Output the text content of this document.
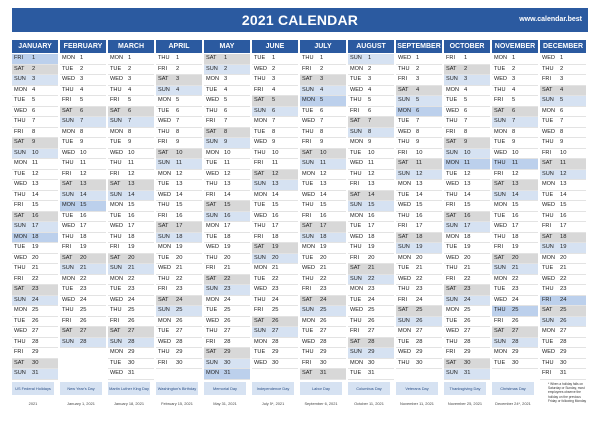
2021 CALENDAR	www.calendar.best
JANUARY
FRI 1
SAT 2
SUN 3
MON 4
TUE 5
WED 6
THU 7
FRI 8
SAT 9
SUN 10
MON 11
TUE 12
WED 13
THU 14
FRI 15
SAT 16
SUN 17
MON 18
TUE 19
WED 20
THU 21
FRI 22
SAT 23
SUN 24
MON 25
TUE 26
WED 27
THU 28
FRI 29
SAT 30
SUN 31
FEBRUARY
MON 1
TUE 2
WED 3
THU 4
FRI 5
SAT 6
SUN 7
MON 8
TUE 9
WED 10
THU 11
FRI 12
SAT 13
SUN 14
MON 15
TUE 16
WED 17
THU 18
FRI 19
SAT 20
SUN 21
MON 22
TUE 23
WED 24
THU 25
FRI 26
SAT 27
SUN 28
MARCH
MON 1
TUE 2
WED 3
THU 4
FRI 5
SAT 6
SUN 7
MON 8
TUE 9
WED 10
THU 11
FRI 12
SAT 13
SUN 14
MON 15
TUE 16
WED 17
THU 18
FRI 19
SAT 20
SUN 21
MON 22
TUE 23
WED 24
THU 25
FRI 26
SAT 27
SUN 28
MON 29
TUE 30
WED 31
APRIL
THU 1
FRI 2
SAT 3
SUN 4
MON 5
TUE 6
WED 7
THU 8
FRI 9
SAT 10
SUN 11
MON 12
TUE 13
WED 14
THU 15
FRI 16
SAT 17
SUN 18
MON 19
TUE 20
WED 21
THU 22
FRI 23
SAT 24
SUN 25
MON 26
TUE 27
WED 28
THU 29
FRI 30
MAY
SAT 1
SUN 2
MON 3
TUE 4
WED 5
THU 6
FRI 7
SAT 8
SUN 9
MON 10
TUE 11
WED 12
THU 13
FRI 14
SAT 15
SUN 16
MON 17
TUE 18
WED 19
THU 20
FRI 21
SAT 22
SUN 23
MON 24
TUE 25
WED 26
THU 27
FRI 28
SAT 29
SUN 30
MON 31
JUNE
TUE 1
WED 2
THU 3
FRI 4
SAT 5
SUN 6
MON 7
TUE 8
WED 9
THU 10
FRI 11
SAT 12
SUN 13
MON 14
TUE 15
WED 16
THU 17
FRI 18
SAT 19
SUN 20
MON 21
TUE 22
WED 23
THU 24
FRI 25
SAT 26
SUN 27
MON 28
TUE 29
WED 30
JULY
THU 1
FRI 2
SAT 3
SUN 4
MON 5
TUE 6
WED 7
THU 8
FRI 9
SAT 10
SUN 11
MON 12
TUE 13
WED 14
THU 15
FRI 16
SAT 17
SUN 18
MON 19
TUE 20
WED 21
THU 22
FRI 23
SAT 24
SUN 25
MON 26
TUE 27
WED 28
THU 29
FRI 30
SAT 31
AUGUST
SUN 1
MON 2
TUE 3
WED 4
THU 5
FRI 6
SAT 7
SUN 8
MON 9
TUE 10
WED 11
THU 12
FRI 13
SAT 14
SUN 15
MON 16
TUE 17
WED 18
THU 19
FRI 20
SAT 21
SUN 22
MON 23
TUE 24
WED 25
THU 26
FRI 27
SAT 28
SUN 29
MON 30
TUE 31
SEPTEMBER
WED 1
THU 2
FRI 3
SAT 4
SUN 5
MON 6
TUE 7
WED 8
THU 9
FRI 10
SAT 11
SUN 12
MON 13
TUE 14
WED 15
THU 16
FRI 17
SAT 18
SUN 19
MON 20
TUE 21
WED 22
THU 23
FRI 24
SAT 25
SUN 26
MON 27
TUE 28
WED 29
THU 30
OCTOBER
FRI 1
SAT 2
SUN 3
MON 4
TUE 5
WED 6
THU 7
FRI 8
SAT 9
SUN 10
MON 11
TUE 12
WED 13
THU 14
FRI 15
SAT 16
SUN 17
MON 18
TUE 19
WED 20
THU 21
FRI 22
SAT 23
SUN 24
MON 25
TUE 26
WED 27
THU 28
FRI 29
SAT 30
SUN 31
NOVEMBER
MON 1
TUE 2
WED 3
THU 4
FRI 5
SAT 6
SUN 7
MON 8
TUE 9
WED 10
THU 11
FRI 12
SAT 13
SUN 14
MON 15
TUE 16
WED 17
THU 18
FRI 19
SAT 20
SUN 21
MON 22
TUE 23
WED 24
THU 25
FRI 26
SAT 27
SUN 28
MON 29
TUE 30
DECEMBER
WED 1
THU 2
FRI 3
SAT 4
SUN 5
MON 6
TUE 7
WED 8
THU 9
FRI 10
SAT 11
SUN 12
MON 13
TUE 14
WED 15
THU 16
FRI 17
SAT 18
SUN 19
MON 20
TUE 21
WED 22
THU 23
FRI 24
SAT 25
SUN 26
MON 27
TUE 28
WED 29
THU 30
FRI 31
* When a holiday falls on Saturday or Sunday, most employees observe the holiday on the previous Friday or following Monday
US Federal Holidays
2021
New Year's Day
January 1, 2021
Martin Luther King Day
January 18, 2021
Washington's Birthday
February 15, 2021
Memorial Day
May 31, 2021
Independence Day
July 5*, 2021
Labor Day
September 6, 2021
Columbus Day
October 11, 2021
Veterans Day
November 11, 2021
Thanksgiving Day
November 25, 2021
Christmas Day
December 24*, 2021
